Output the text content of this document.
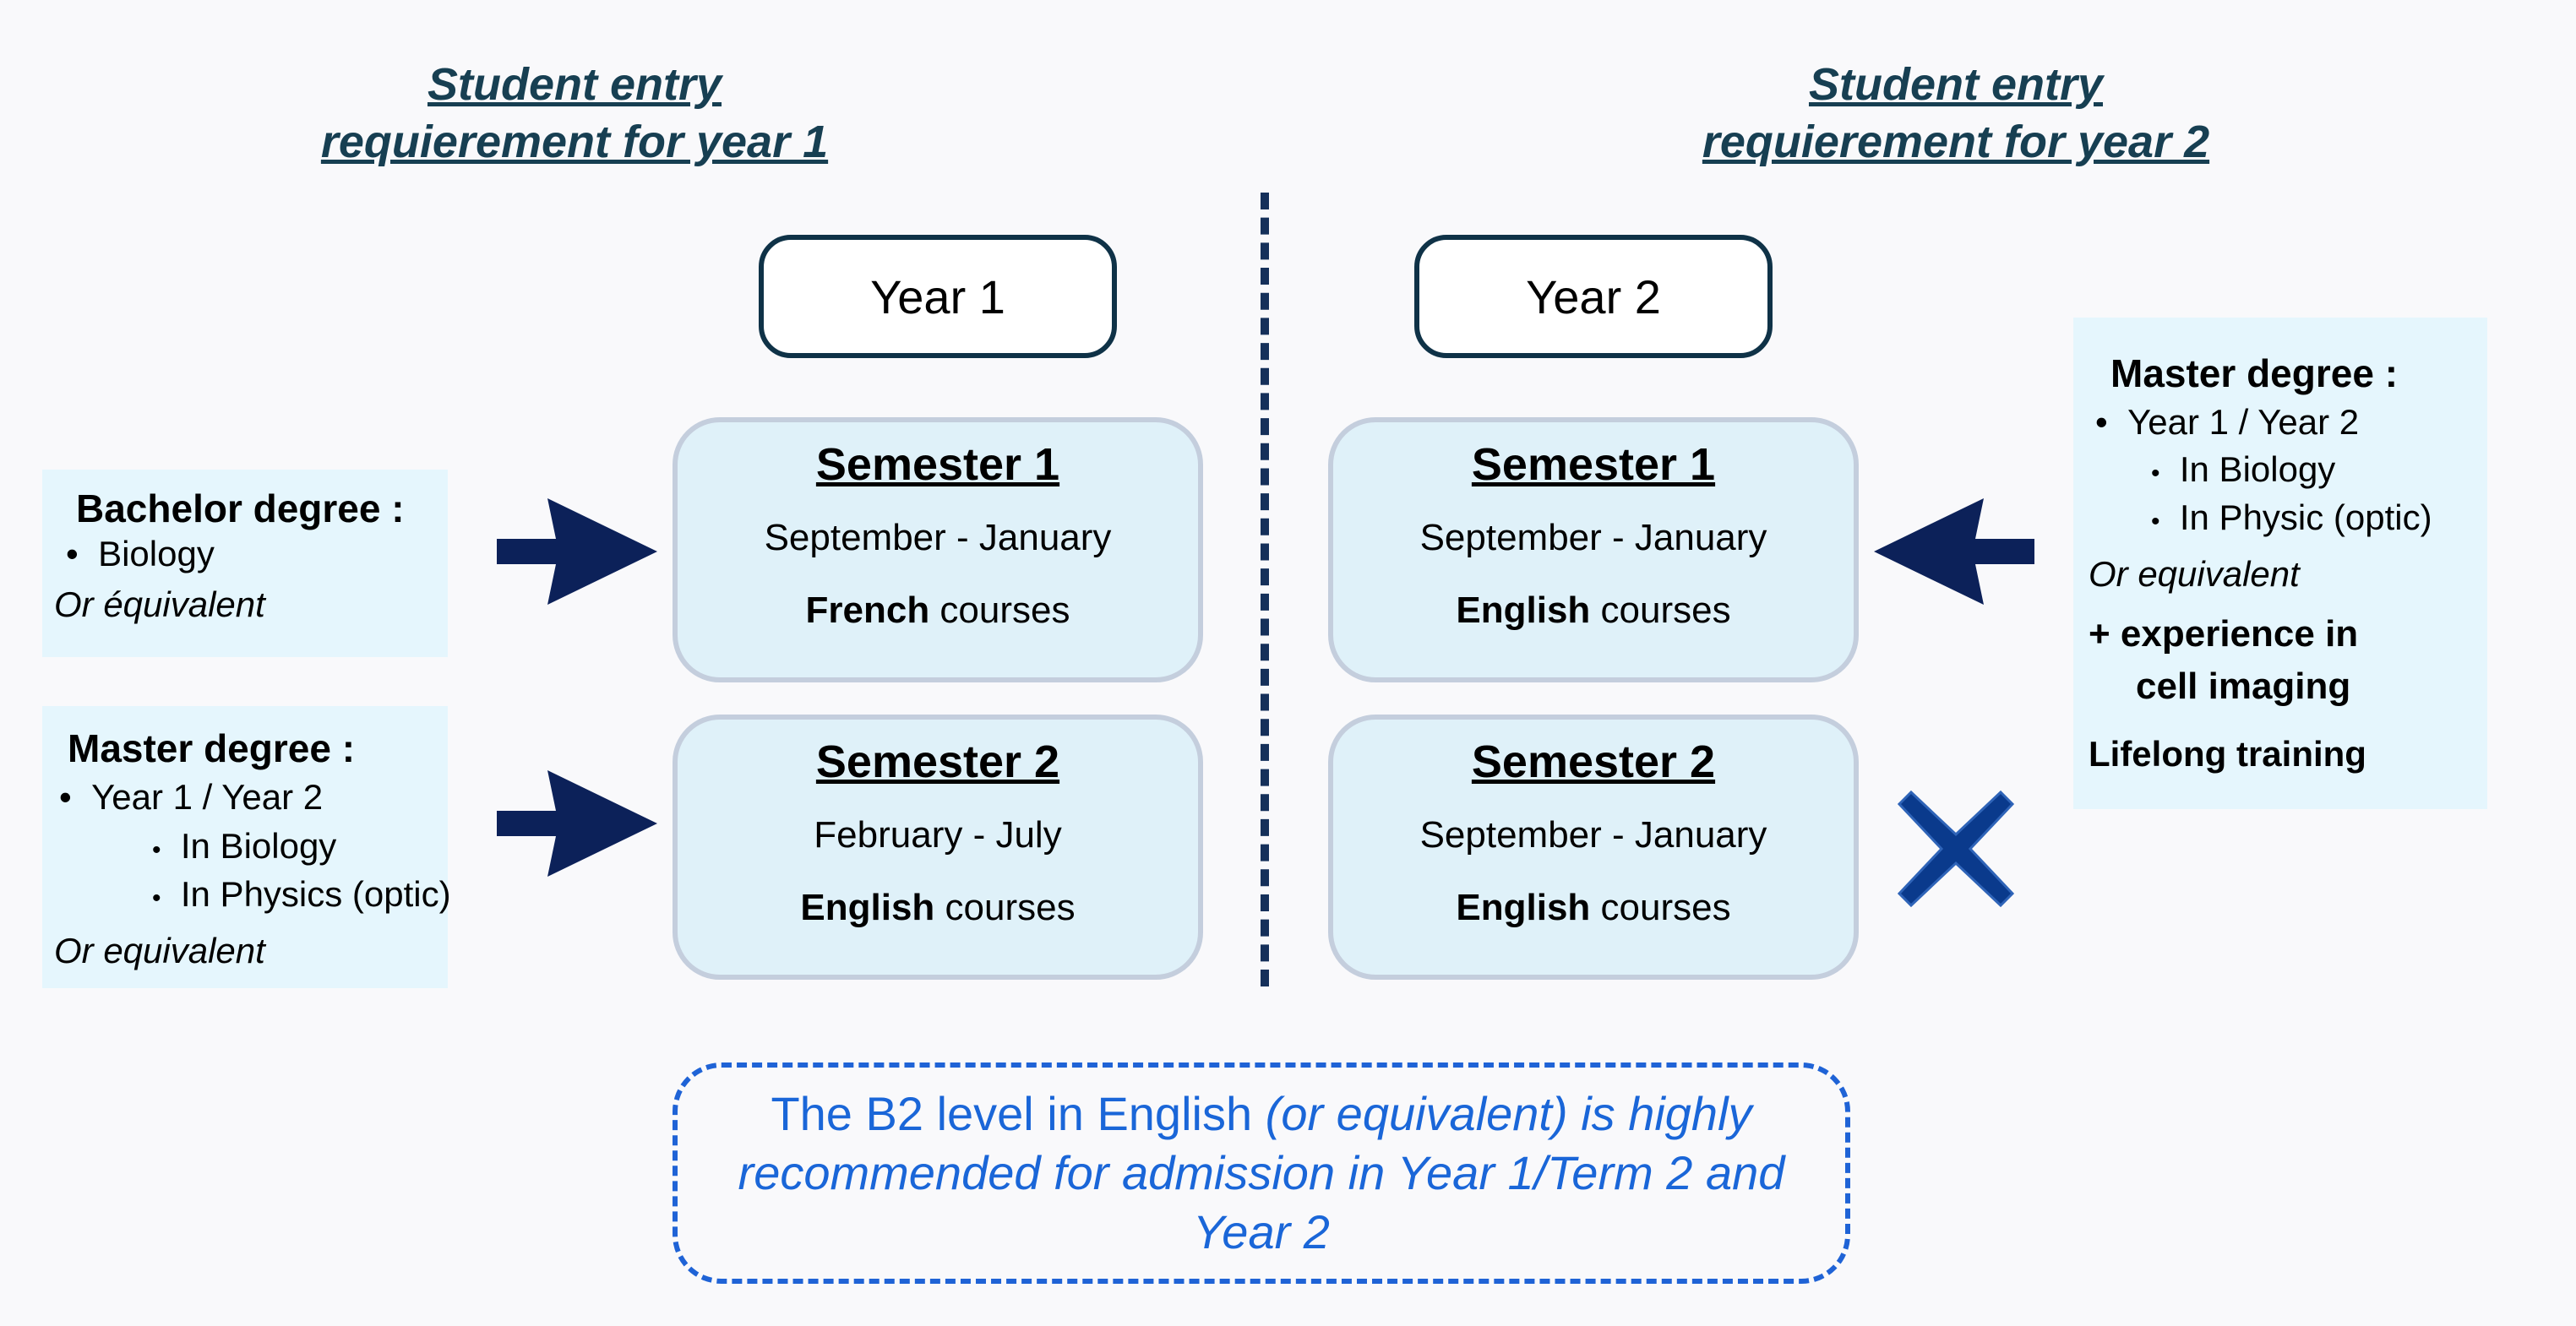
Student entry
requierement for year 1
Student entry
requierement for year 2
Year 1	Year 2
Semester 1
September - January
French courses
Semester 2
February - July
English courses
Semester 1
September - January
English courses
Semester 2
September - January
English courses
Bachelor degree :
• Biology
Or équivalent
Master degree :
• Year 1 / Year 2
• In Biology
• In Physics (optic)
Or equivalent
Master degree :
• Year 1 / Year 2
• In Biology
• In Physic (optic)
Or equivalent
+ experience in
cell imaging
Lifelong training
The B2 level in English (or equivalent) is highly
recommended for admission in Year 1/Term 2 and
Year 2
